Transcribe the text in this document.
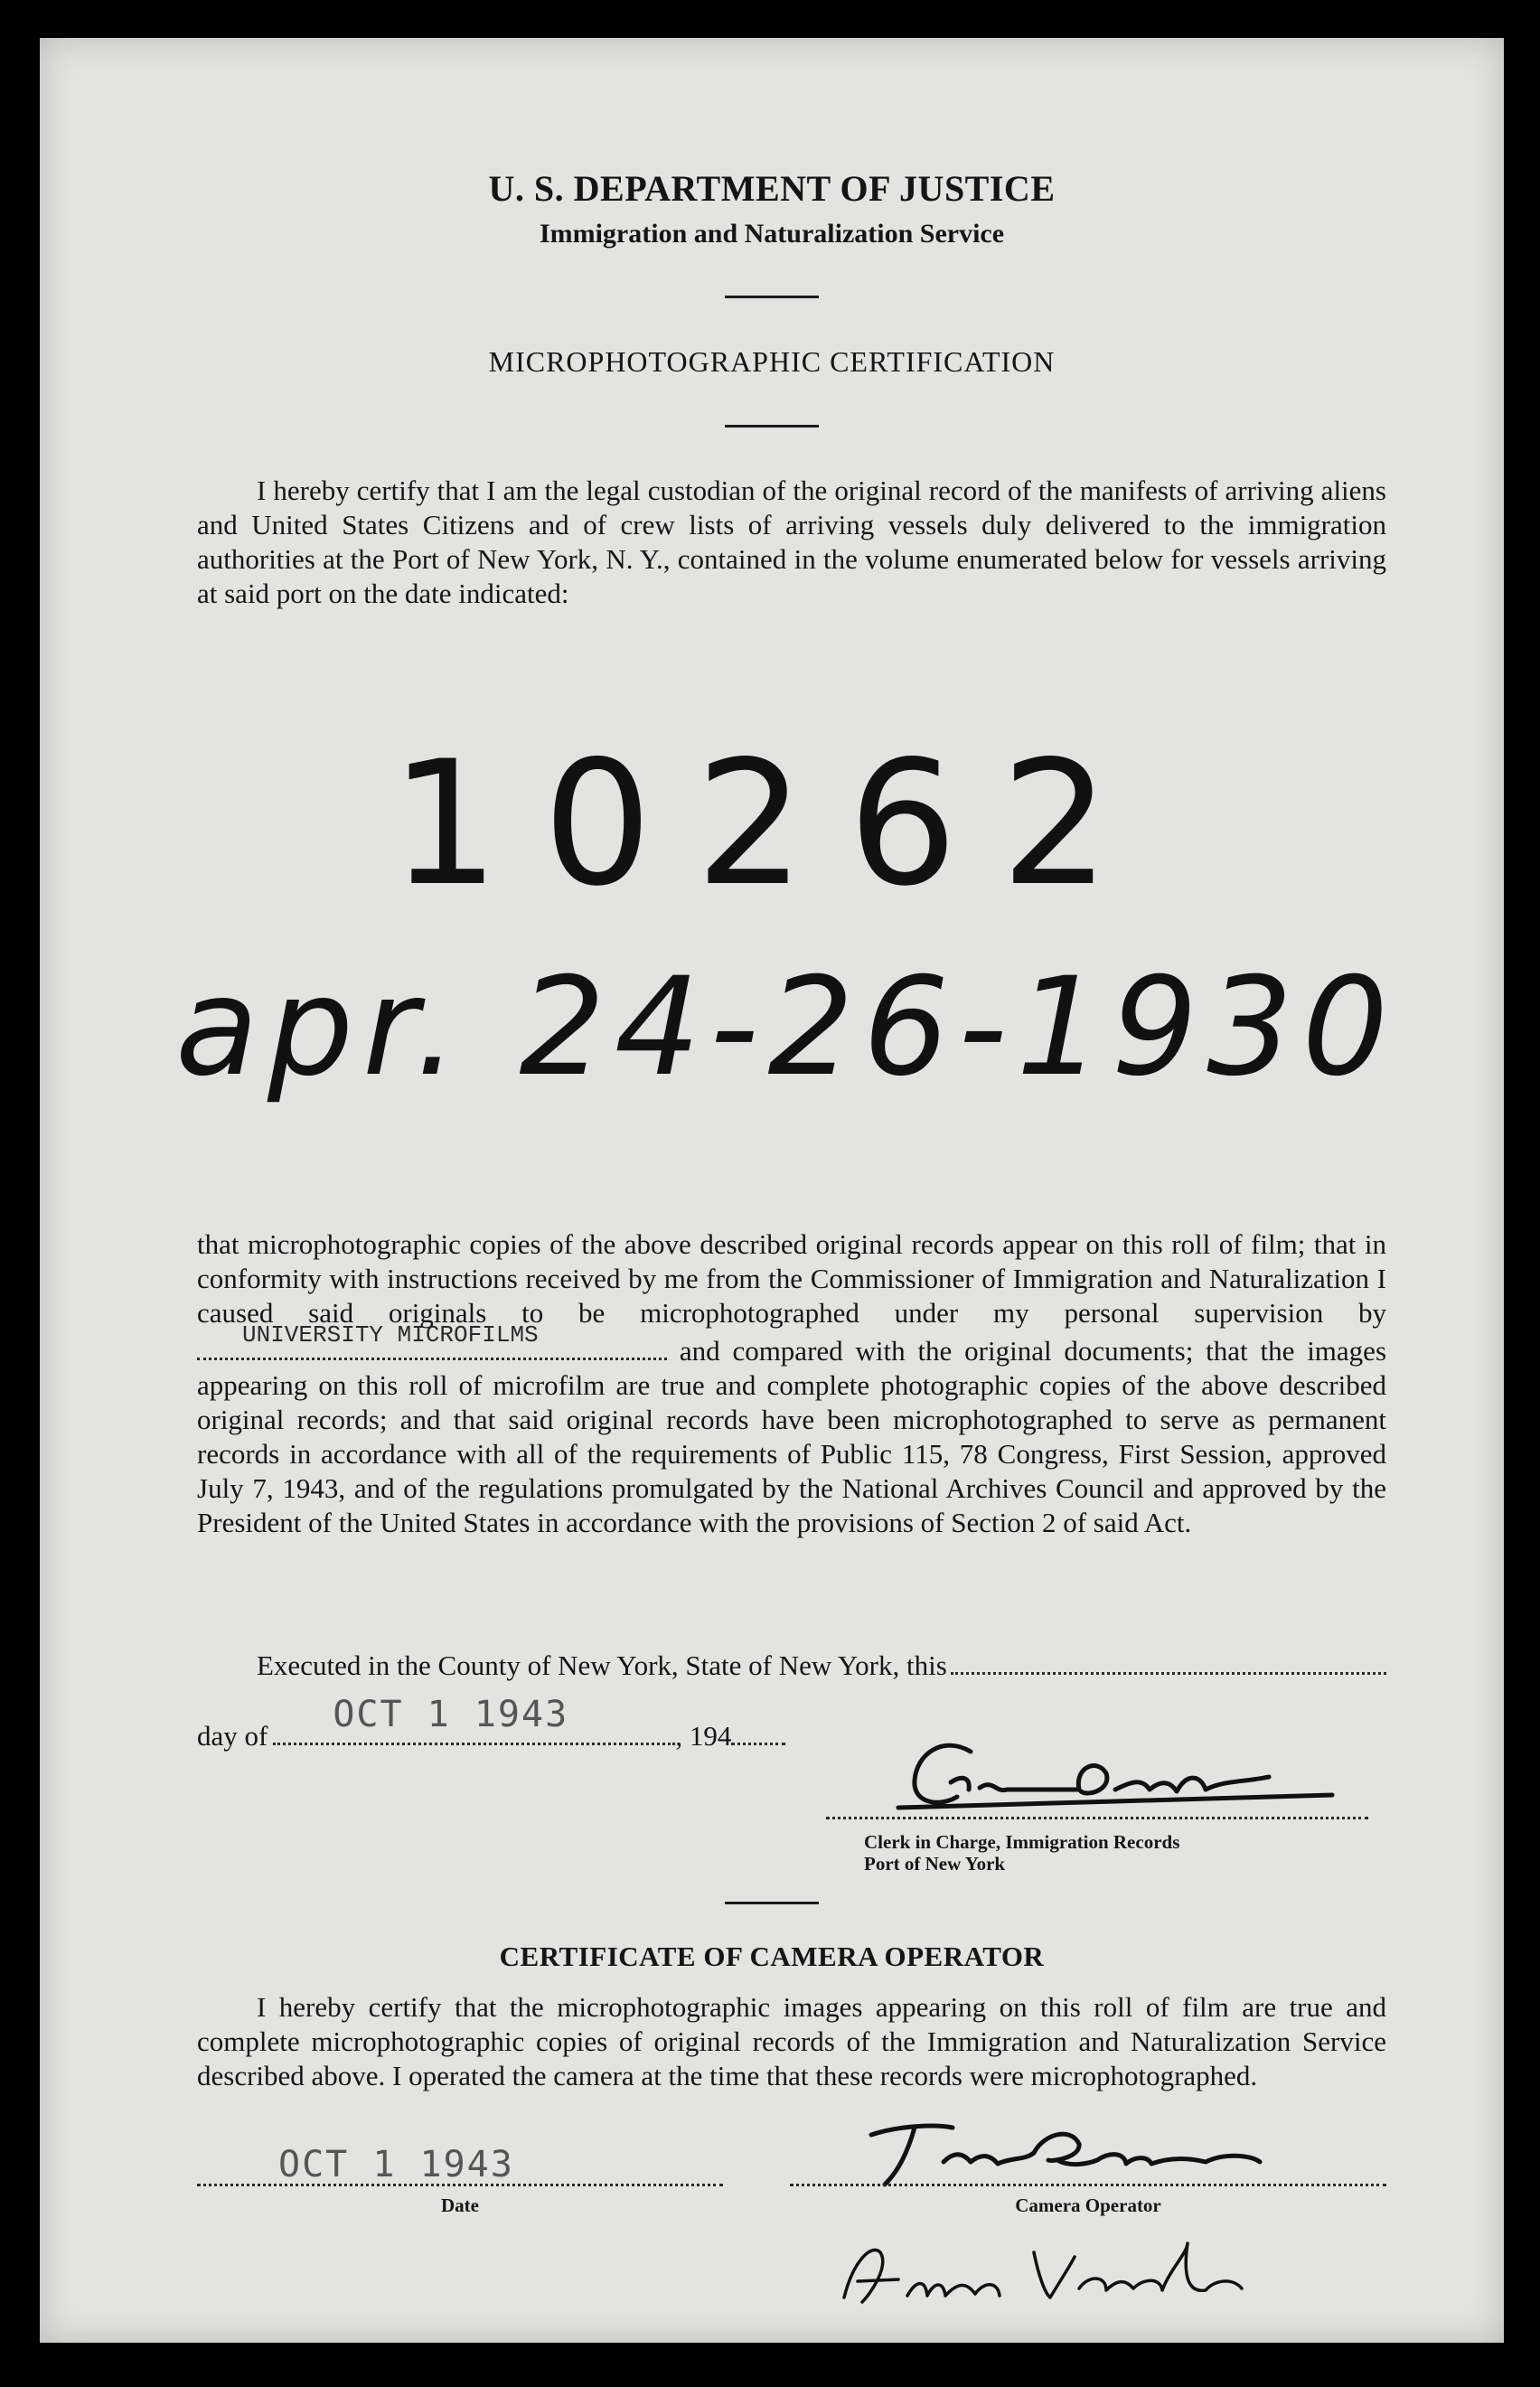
U. S. DEPARTMENT OF JUSTICE
Immigration and Naturalization Service
MICROPHOTOGRAPHIC CERTIFICATION

I hereby certify that I am the legal custodian of the original record of the manifests of arriving aliens and United States Citizens and of crew lists of arriving vessels duly delivered to the immigration authorities at the Port of New York, N. Y., contained in the volume enumerated below for vessels arriving at said port on the date indicated:

10262
apr. 24-26-1930
that microphotographic copies of the above described original records appear on this roll of film; that in conformity with instructions received by me from the Commissioner of Immigration and Naturalization I caused said originals to be microphotographed under my personal supervision by
UNIVERSITY MICROFILMS	and compared with the original documents; that the images appearing on this roll of microfilm are true and complete photographic copies of the above described original records; and that said original records have been microphotographed to serve as permanent records in accordance with all of the requirements of Public 115, 78 Congress, First Session, approved July 7, 1943, and of the regulations promulgated by the National Archives Council and approved by the President of the United States in accordance with the provisions of Section 2 of said Act.
Executed in the County of New York, State of New York, this
day of
OCT 1 1943
, 194
Clerk in Charge, Immigration Records
Port of New York
CERTIFICATE OF CAMERA OPERATOR

I hereby certify that the microphotographic images appearing on this roll of film are true and complete microphotographic copies of original records of the Immigration and Naturalization Service described above. I operated the camera at the time that these records were microphotographed.

OCT 1 1943
Date	Camera Operator
